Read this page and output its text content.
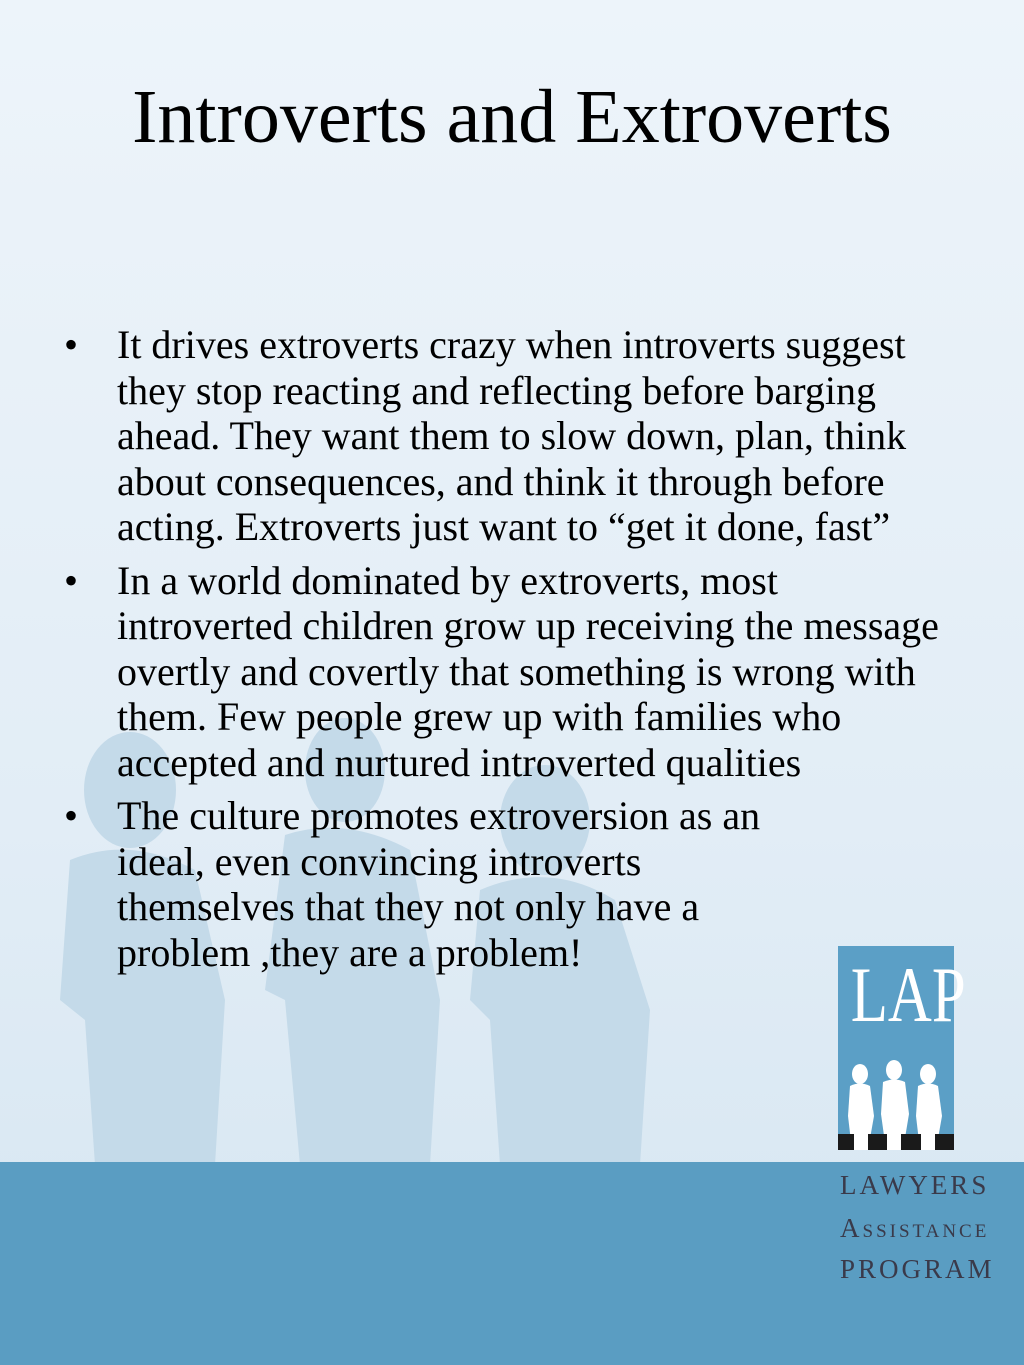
Introverts and Extroverts
• It drives extroverts crazy when introverts suggest they stop reacting and reflecting before barging ahead. They want them to slow down, plan, think about consequences, and think it through before acting. Extroverts just want to “get it done, fast”
• In a world dominated by extroverts, most introverted children grow up receiving the message overtly and covertly that something is wrong with them. Few people grew up with families who accepted and nurtured introverted qualities
• The culture promotes extroversion as an ideal, even convincing introverts themselves that they not only have a problem ,they are a problem!	LAP
LAWYERS
Assistance
PROGRAM
